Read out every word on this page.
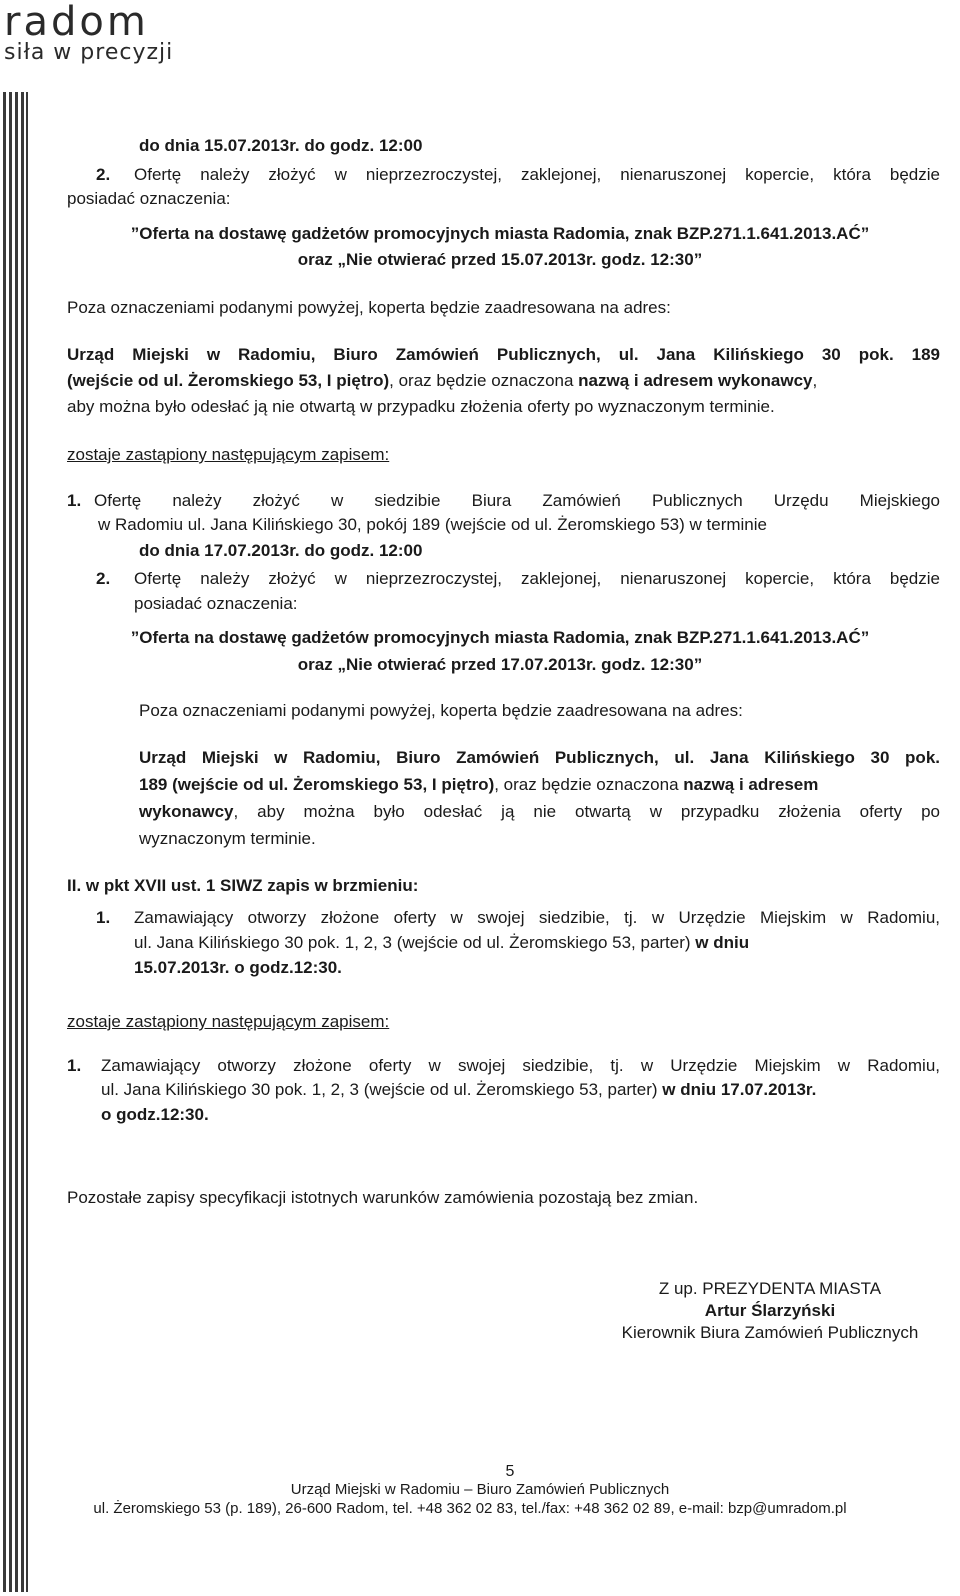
radom
siła w precyzji
do dnia 15.07.2013r. do godz. 12:00
2. Ofertę należy złożyć w nieprzezroczystej, zaklejonej, nienaruszonej kopercie, która będzie
posiadać oznaczenia:
”Oferta na dostawę gadżetów promocyjnych miasta Radomia, znak BZP.271.1.641.2013.AĆ”
oraz „Nie otwierać przed 15.07.2013r. godz. 12:30”
Poza oznaczeniami podanymi powyżej, koperta będzie zaadresowana na adres:
Urząd Miejski w Radomiu, Biuro Zamówień Publicznych, ul. Jana Kilińskiego 30 pok. 189
(wejście od ul. Żeromskiego 53, I piętro), oraz będzie oznaczona nazwą i adresem wykonawcy,
aby można było odesłać ją nie otwartą w przypadku złożenia oferty po wyznaczonym terminie.
zostaje zastąpiony następującym zapisem:
1. Ofertę należy złożyć w siedzibie Biura Zamówień Publicznych Urzędu Miejskiego
w Radomiu ul. Jana Kilińskiego 30, pokój 189 (wejście od ul. Żeromskiego 53) w terminie
do dnia 17.07.2013r. do godz. 12:00
2. Ofertę należy złożyć w nieprzezroczystej, zaklejonej, nienaruszonej kopercie, która będzie
posiadać oznaczenia:
”Oferta na dostawę gadżetów promocyjnych miasta Radomia, znak BZP.271.1.641.2013.AĆ”
oraz „Nie otwierać przed 17.07.2013r. godz. 12:30”
Poza oznaczeniami podanymi powyżej, koperta będzie zaadresowana na adres:
Urząd Miejski w Radomiu, Biuro Zamówień Publicznych, ul. Jana Kilińskiego 30 pok.
189 (wejście od ul. Żeromskiego 53, I piętro), oraz będzie oznaczona nazwą i adresem
wykonawcy, aby można było odesłać ją nie otwartą w przypadku złożenia oferty po
wyznaczonym terminie.
II. w pkt XVII ust. 1 SIWZ zapis w brzmieniu:
1. Zamawiający otworzy złożone oferty w swojej siedzibie, tj. w Urzędzie Miejskim w Radomiu,
ul. Jana Kilińskiego 30 pok. 1, 2, 3 (wejście od ul. Żeromskiego 53, parter) w dniu
15.07.2013r. o godz.12:30.
zostaje zastąpiony następującym zapisem:
1. Zamawiający otworzy złożone oferty w swojej siedzibie, tj. w Urzędzie Miejskim w Radomiu,
ul. Jana Kilińskiego 30 pok. 1, 2, 3 (wejście od ul. Żeromskiego 53, parter) w dniu 17.07.2013r.
o godz.12:30.
Pozostałe zapisy specyfikacji istotnych warunków zamówienia pozostają bez zmian.
Z up. PREZYDENTA MIASTA
Artur Ślarzyński
Kierownik Biura Zamówień Publicznych
5
Urząd Miejski w Radomiu – Biuro Zamówień Publicznych
ul. Żeromskiego 53 (p. 189), 26-600 Radom, tel. +48 362 02 83, tel./fax: +48 362 02 89, e-mail: bzp@umradom.pl
